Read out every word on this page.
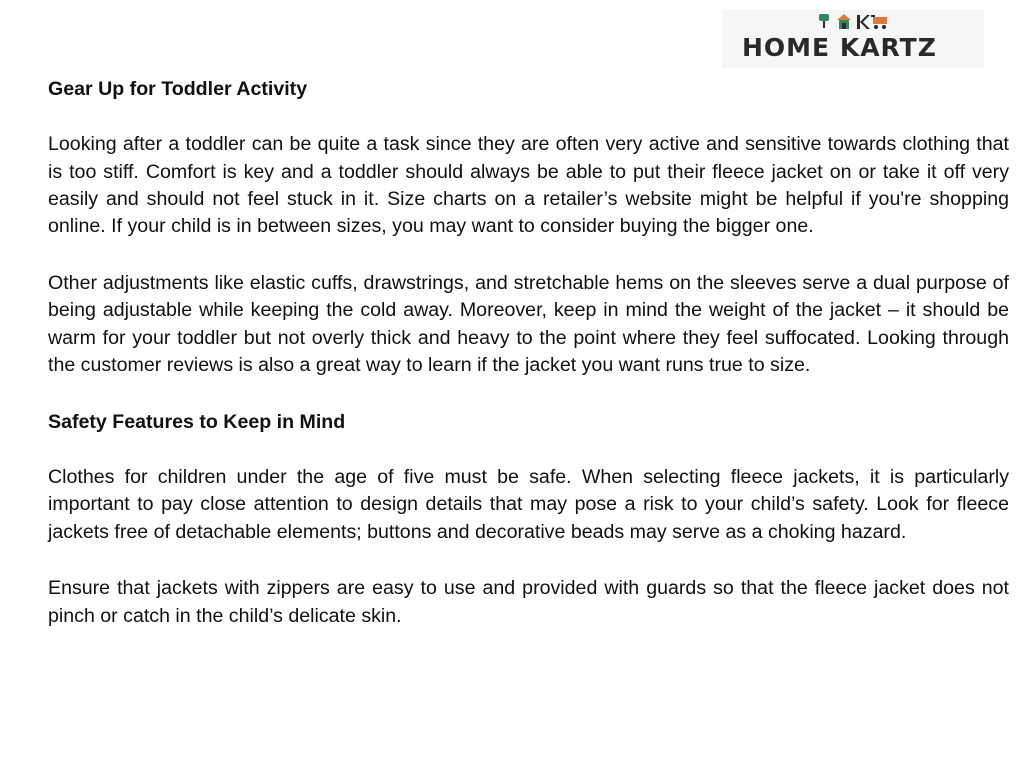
HOME KARTZ
Gear Up for Toddler Activity

Looking after a toddler can be quite a task since they are often very active and sensitive towards clothing that is too stiff. Comfort is key and a toddler should always be able to put their fleece jacket on or take it off very easily and should not feel stuck in it. Size charts on a retailer’s website might be helpful if you're shopping online. If your child is in between sizes, you may want to consider buying the bigger one.

Other adjustments like elastic cuffs, drawstrings, and stretchable hems on the sleeves serve a dual purpose of being adjustable while keeping the cold away. Moreover, keep in mind the weight of the jacket – it should be warm for your toddler but not overly thick and heavy to the point where they feel suffocated. Looking through the customer reviews is also a great way to learn if the jacket you want runs true to size.

Safety Features to Keep in Mind

Clothes for children under the age of five must be safe. When selecting fleece jackets, it is particularly important to pay close attention to design details that may pose a risk to your child’s safety. Look for fleece jackets free of detachable elements; buttons and decorative beads may serve as a choking hazard.

Ensure that jackets with zippers are easy to use and provided with guards so that the fleece jacket does not pinch or catch in the child’s delicate skin.
